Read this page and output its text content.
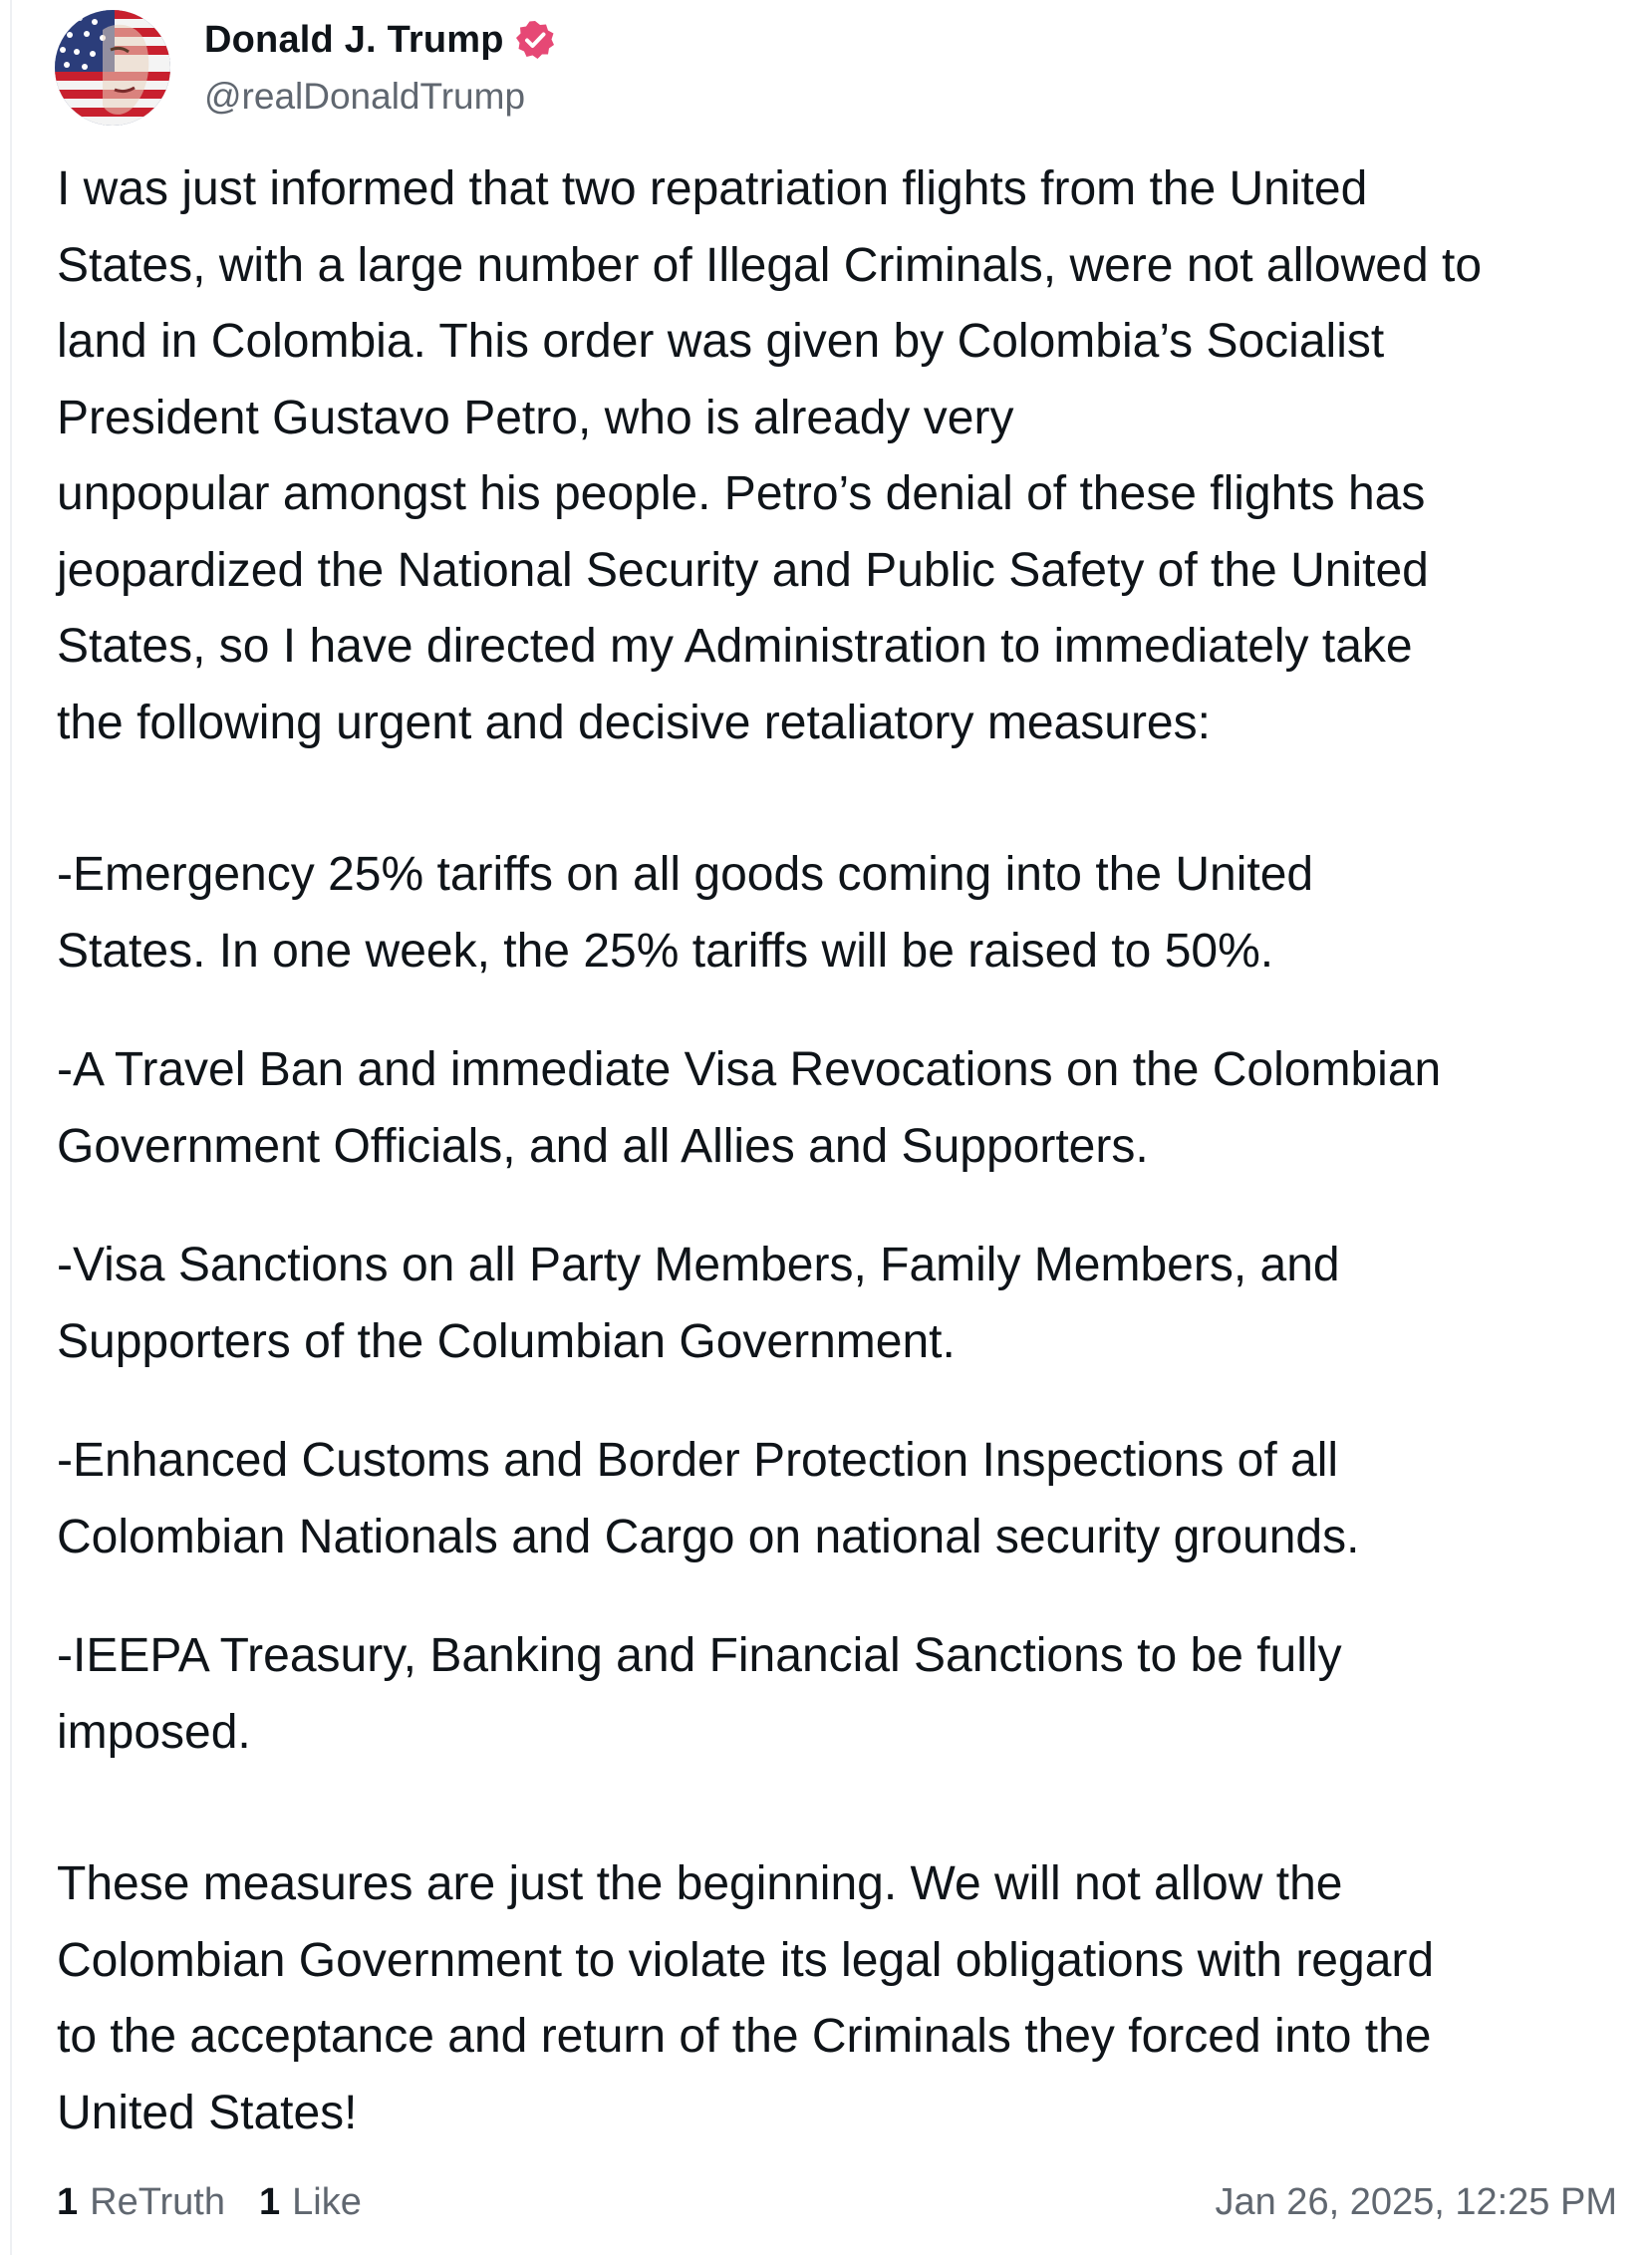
Donald J. Trump
@realDonaldTrump
I was just informed that two repatriation flights from the United
States, with a large number of Illegal Criminals, were not allowed to
land in Colombia. This order was given by Colombia’s Socialist
President Gustavo Petro, who is already very
unpopular amongst his people. Petro’s denial of these flights has
jeopardized the National Security and Public Safety of the United
States, so I have directed my Administration to immediately take
the following urgent and decisive retaliatory measures:
-Emergency 25% tariffs on all goods coming into the United
States. In one week, the 25% tariffs will be raised to 50%.
-A Travel Ban and immediate Visa Revocations on the Colombian
Government Officials, and all Allies and Supporters.
-Visa Sanctions on all Party Members, Family Members, and
Supporters of the Columbian Government.
-Enhanced Customs and Border Protection Inspections of all
Colombian Nationals and Cargo on national security grounds.
-IEEPA Treasury, Banking and Financial Sanctions to be fully
imposed.
These measures are just the beginning. We will not allow the
Colombian Government to violate its legal obligations with regard
to the acceptance and return of the Criminals they forced into the
United States!
1 ReTruth 1 Like	Jan 26, 2025, 12:25 PM
